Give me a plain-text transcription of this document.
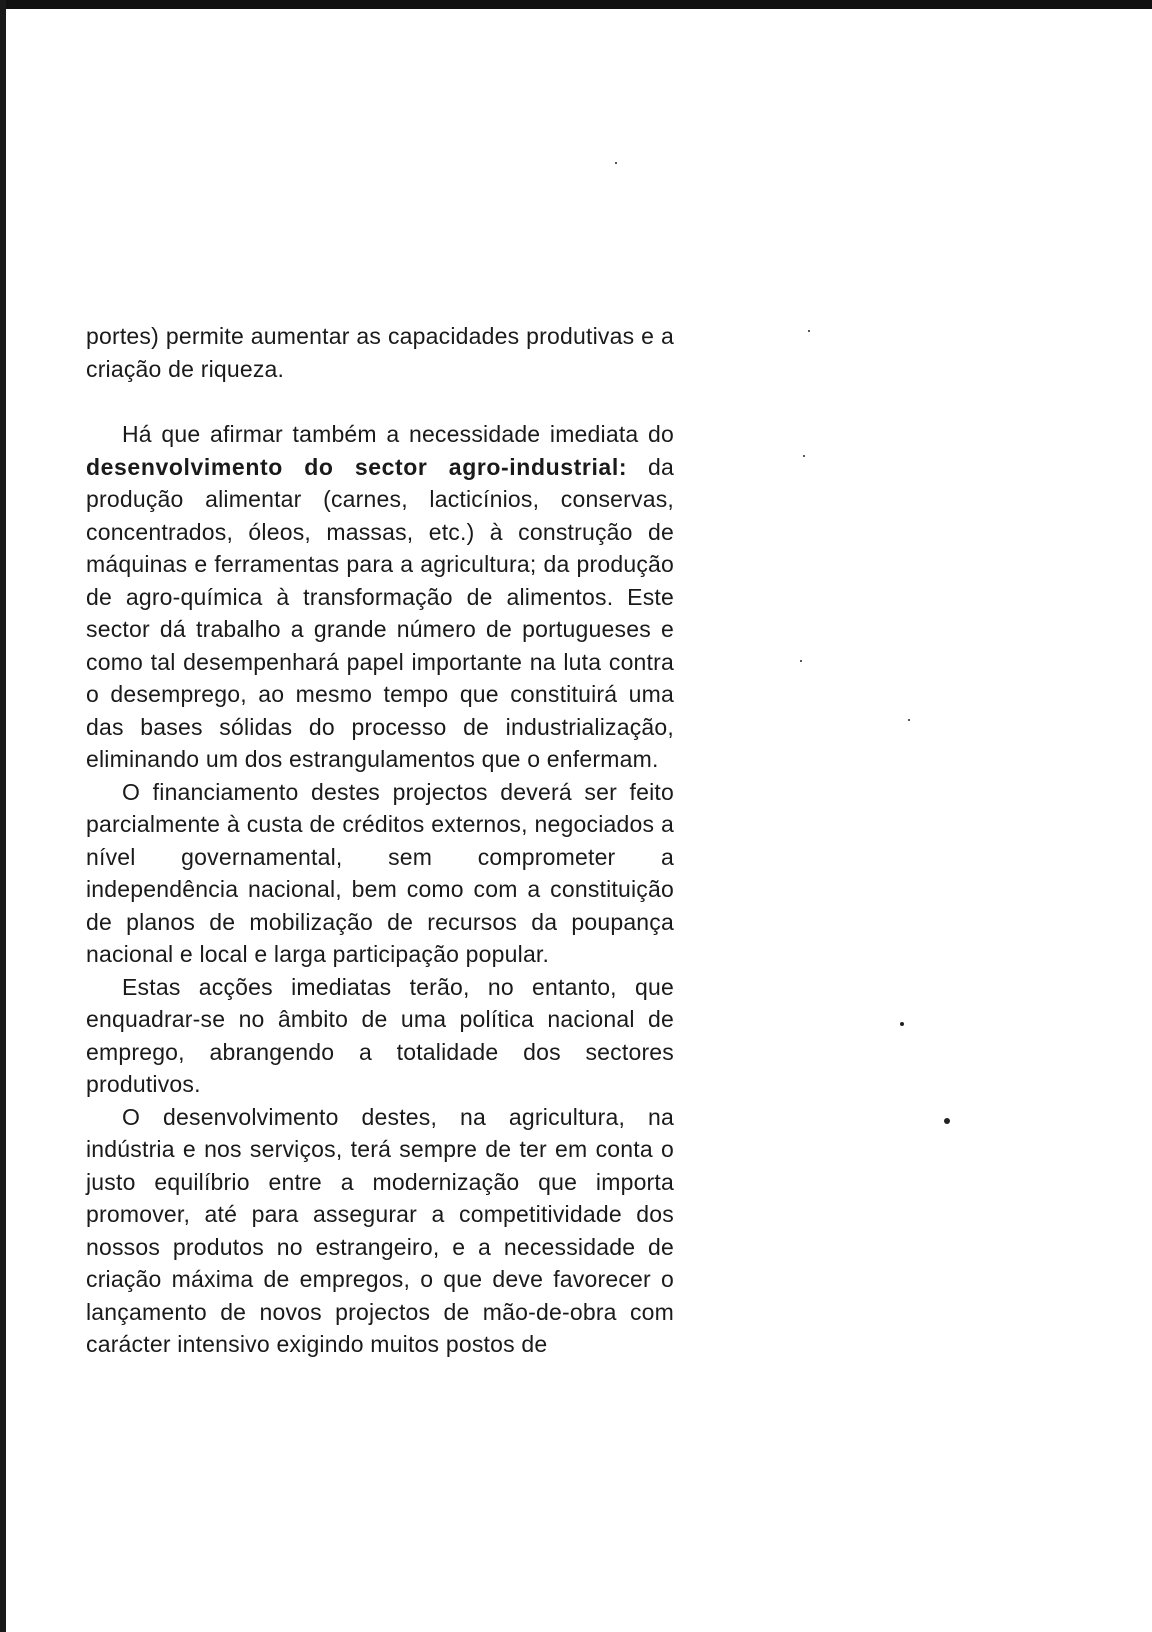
portes) permite aumentar as capacidades produtivas e a criação de riqueza.

Há que afirmar também a necessidade imediata do desenvolvimento do sector agro-industrial: da produção alimentar (carnes, lacticínios, conservas, concentrados, óleos, massas, etc.) à construção de máquinas e ferramentas para a agricultura; da produção de agro-química à transformação de alimentos. Este sector dá trabalho a grande número de portugueses e como tal desempenhará papel importante na luta contra o desemprego, ao mesmo tempo que constituirá uma das bases sólidas do processo de industrialização, eliminando um dos estrangulamentos que o enfermam.

O financiamento destes projectos deverá ser feito parcialmente à custa de créditos externos, negociados a nível governamental, sem comprometer a independência nacional, bem como com a constituição de planos de mobilização de recursos da poupança nacional e local e larga participação popular.

Estas acções imediatas terão, no entanto, que enquadrar-se no âmbito de uma política nacional de emprego, abrangendo a totalidade dos sectores produtivos.

O desenvolvimento destes, na agricultura, na indústria e nos serviços, terá sempre de ter em conta o justo equilíbrio entre a modernização que importa promover, até para assegurar a competitividade dos nossos produtos no estrangeiro, e a necessidade de criação máxima de empregos, o que deve favorecer o lançamento de novos projectos de mão-de-obra com carácter intensivo exigindo muitos postos de
